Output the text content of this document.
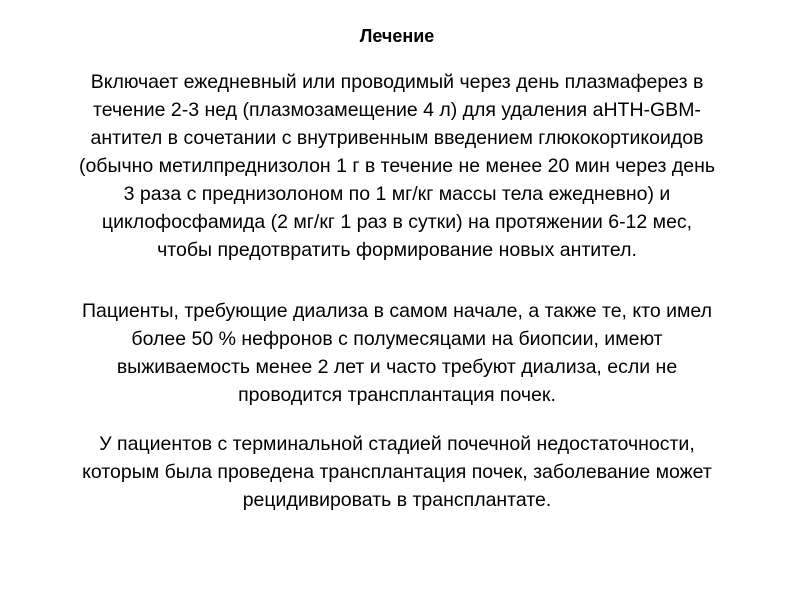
Лечение

Включает ежедневный или проводимый через день плазмаферез в
течение 2-3 нед (плазмозамещение 4 л) для удаления аНТН-GBM-
антител в сочетании с внутривенным введением глюкокортикоидов
(обычно метилпреднизолон 1 г в течение не менее 20 мин через день
3 раза с преднизолоном по 1 мг/кг массы тела ежедневно) и
циклофосфамида (2 мг/кг 1 раз в сутки) на протяжении 6-12 мес,
чтобы предотвратить формирование новых антител.

Пациенты, требующие диализа в самом начале, а также те, кто имел
более 50 % нефронов с полумесяцами на биопсии, имеют
выживаемость менее 2 лет и часто требуют диализа, если не
проводится трансплантация почек.

У пациентов с терминальной стадией почечной недостаточности,
которым была проведена трансплантация почек, заболевание может
рецидивировать в трансплантате.
